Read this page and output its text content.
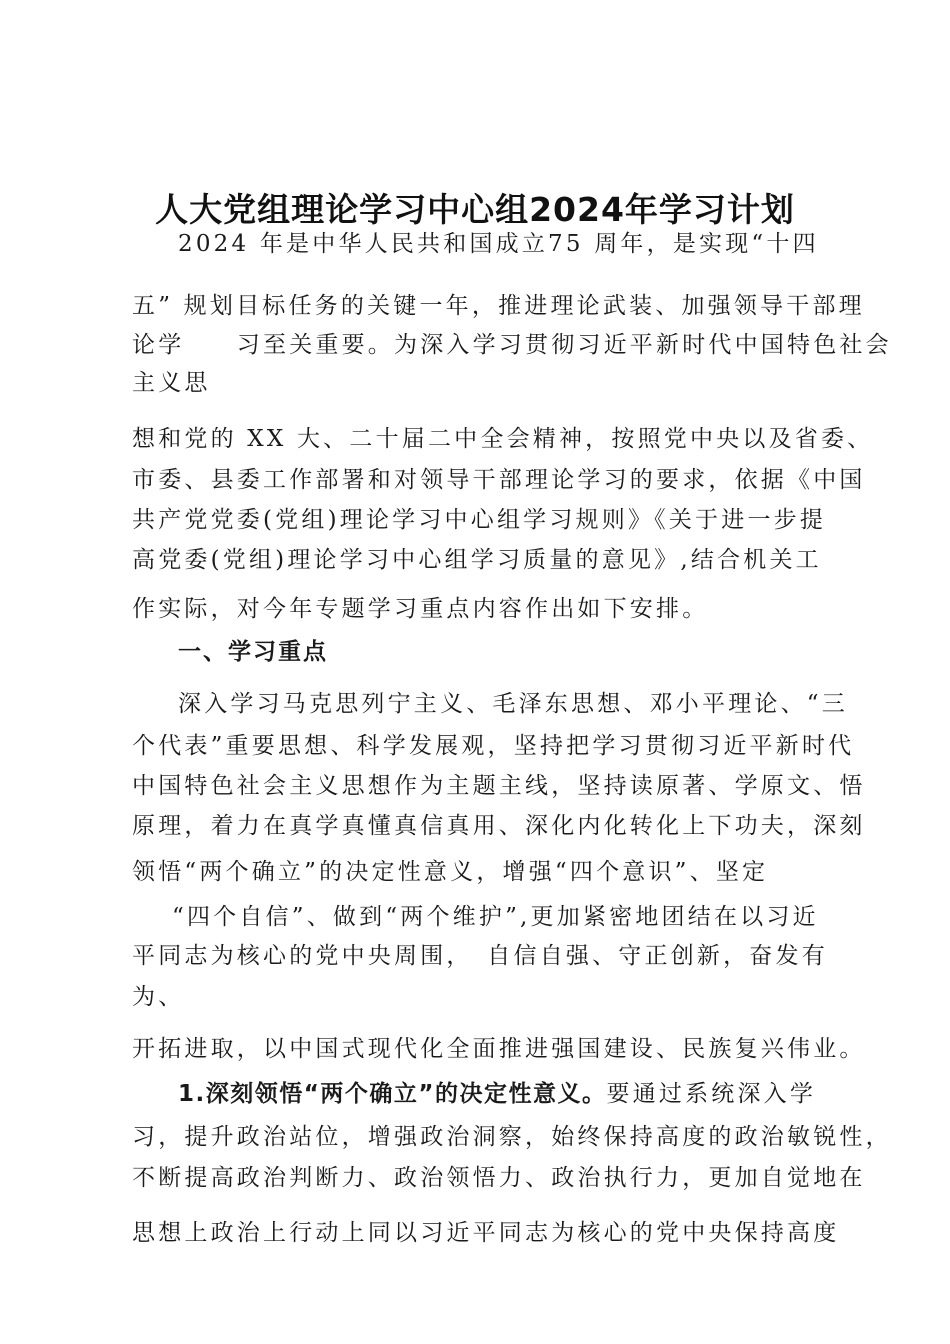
人大党组理论学习中心组2024年学习计划
2024 年是中华人民共和国成立75 周年，是实现“十四
五” 规划目标任务的关键一年，推进理论武装、加强领导干部理
论学　　习至关重要。为深入学习贯彻习近平新时代中国特色社会
主义思
想和党的 XX 大、二十届二中全会精神，按照党中央以及省委、
市委、县委工作部署和对领导干部理论学习的要求，依据《中国
共产党党委(党组)理论学习中心组学习规则》《关于进一步提
高党委(党组)理论学习中心组学习质量的意见》,结合机关工
作实际，对今年专题学习重点内容作出如下安排。
一、学习重点
深入学习马克思列宁主义、毛泽东思想、邓小平理论、“三
个代表”重要思想、科学发展观，坚持把学习贯彻习近平新时代
中国特色社会主义思想作为主题主线，坚持读原著、学原文、悟
原理，着力在真学真懂真信真用、深化内化转化上下功夫，深刻
领悟“两个确立”的决定性意义，增强“四个意识”、坚定
“四个自信”、做到“两个维护”,更加紧密地团结在以习近
平同志为核心的党中央周围，　自信自强、守正创新，奋发有
为、
开拓进取，以中国式现代化全面推进强国建设、民族复兴伟业。
1.深刻领悟“两个确立”的决定性意义。要通过系统深入学
习，提升政治站位，增强政治洞察，始终保持高度的政治敏锐性，
不断提高政治判断力、政治领悟力、政治执行力，更加自觉地在
思想上政治上行动上同以习近平同志为核心的党中央保持高度
